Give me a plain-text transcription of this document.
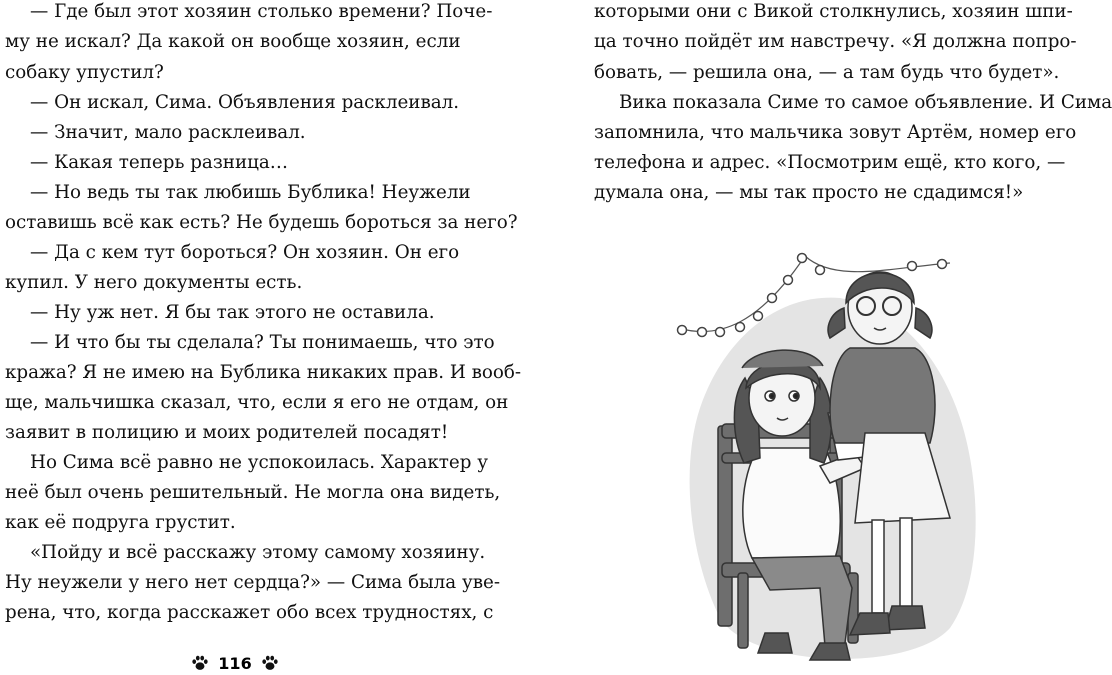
— Где был этот хозяин столько времени? Поче-
му не искал? Да какой он вообще хозяин, если
собаку упустил?
— Он искал, Сима. Объявления расклеивал.
— Значит, мало расклеивал.
— Какая теперь разница…
— Но ведь ты так любишь Бублика! Неужели
оставишь всё как есть? Не будешь бороться за него?
— Да с кем тут бороться? Он хозяин. Он его
купил. У него документы есть.
— Ну уж нет. Я бы так этого не оставила.
— И что бы ты сделала? Ты понимаешь, что это
кража? Я не имею на Бублика никаких прав. И вооб-
ще, мальчишка сказал, что, если я его не отдам, он
заявит в полицию и моих родителей посадят!
Но Сима всё равно не успокоилась. Характер у
неё был очень решительный. Не могла она видеть,
как её подруга грустит.
«Пойду и всё расскажу этому самому хозяину.
Ну неужели у него нет сердца?» — Сима была уве-
рена, что, когда расскажет обо всех трудностях, с
116
которыми они с Викой столкнулись, хозяин шпи-
ца точно пойдёт им навстречу. «Я должна попро-
бовать, — решила она, — а там будь что будет».
Вика показала Симе то самое объявление. И Сима
запомнила, что мальчика зовут Артём, номер его
телефона и адрес. «Посмотрим ещё, кто кого, —
думала она, — мы так просто не сдадимся!»
